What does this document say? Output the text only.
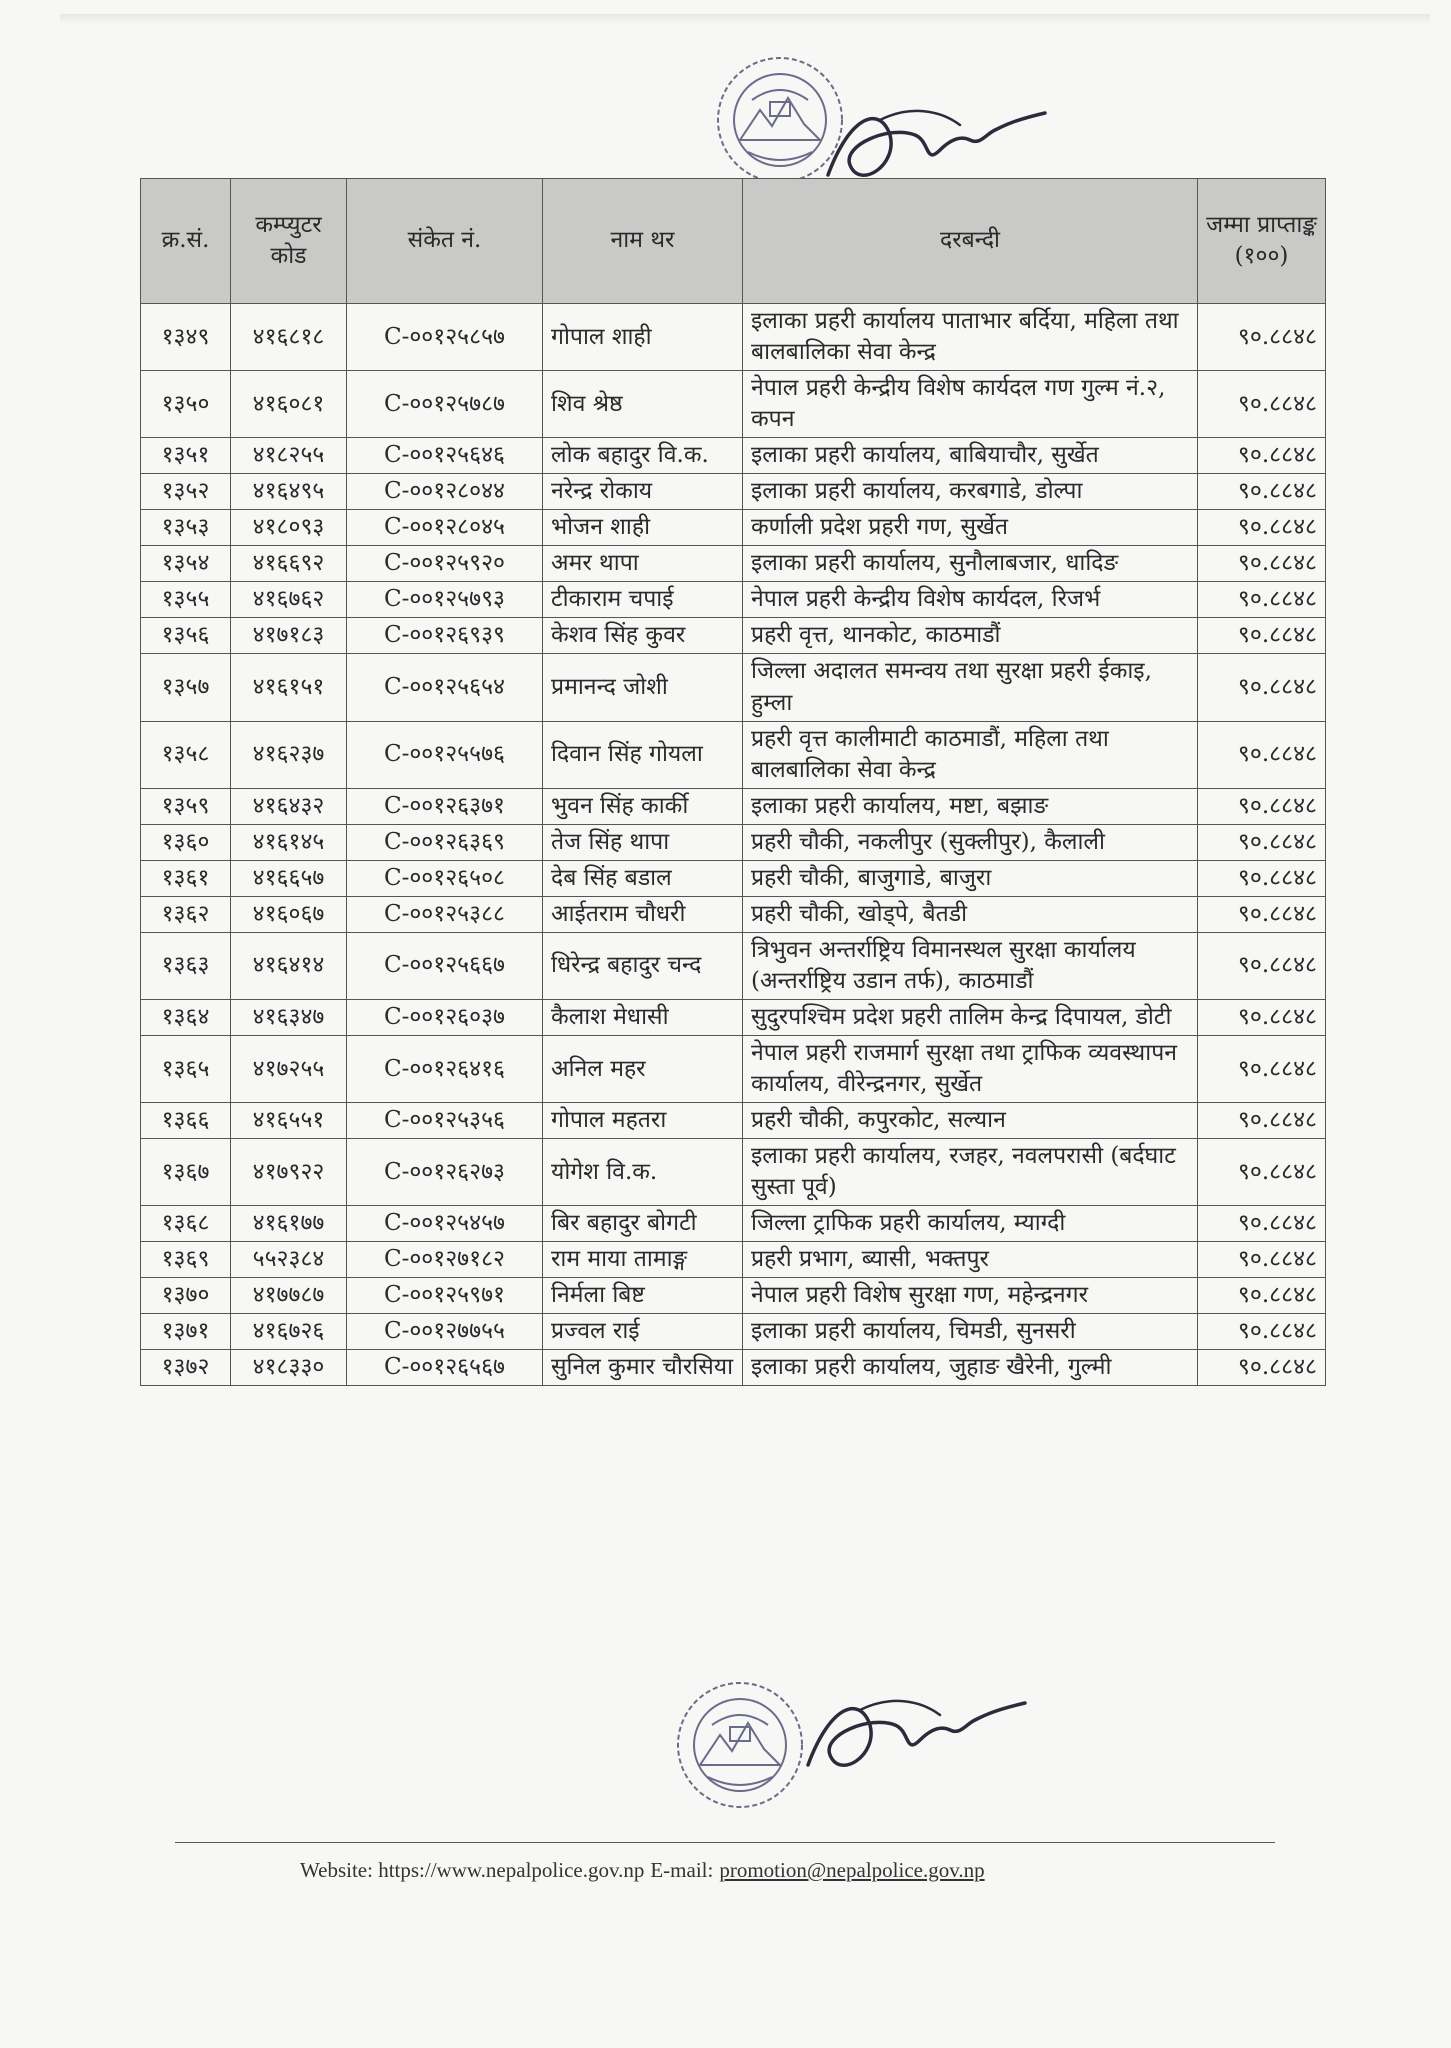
क्र.सं.	कम्प्युटर कोड	संकेत नं.	नाम थर	दरबन्दी	जम्मा प्राप्ताङ्क (१००)
१३४९	४१६८१८	C-००१२५८५७	गोपाल शाही	इलाका प्रहरी कार्यालय पाताभार बर्दिया, महिला तथा बालबालिका सेवा केन्द्र	९०.८८४८
१३५०	४१६०८१	C-००१२५७८७	शिव श्रेष्ठ	नेपाल प्रहरी केन्द्रीय विशेष कार्यदल गण गुल्म नं.२, कपन	९०.८८४८
१३५१	४१८२५५	C-००१२५६४६	लोक बहादुर वि.क.	इलाका प्रहरी कार्यालय, बाबियाचौर, सुर्खेत	९०.८८४८
१३५२	४१६४९५	C-००१२८०४४	नरेन्द्र रोकाय	इलाका प्रहरी कार्यालय, करबगाडे, डोल्पा	९०.८८४८
१३५३	४१८०९३	C-००१२८०४५	भोजन शाही	कर्णाली प्रदेश प्रहरी गण, सुर्खेत	९०.८८४८
१३५४	४१६६९२	C-००१२५९२०	अमर थापा	इलाका प्रहरी कार्यालय, सुनौलाबजार, धादिङ	९०.८८४८
१३५५	४१६७६२	C-००१२५७९३	टीकाराम चपाई	नेपाल प्रहरी केन्द्रीय विशेष कार्यदल, रिजर्भ	९०.८८४८
१३५६	४१७१८३	C-००१२६९३९	केशव सिंह कुवर	प्रहरी वृत्त, थानकोट, काठमाडौं	९०.८८४८
१३५७	४१६१५१	C-००१२५६५४	प्रमानन्द जोशी	जिल्ला अदालत समन्वय तथा सुरक्षा प्रहरी ईकाइ, हुम्ला	९०.८८४८
१३५८	४१६२३७	C-००१२५५७६	दिवान सिंह गोयला	प्रहरी वृत्त कालीमाटी काठमाडौं, महिला तथा बालबालिका सेवा केन्द्र	९०.८८४८
१३५९	४१६४३२	C-००१२६३७१	भुवन सिंह कार्की	इलाका प्रहरी कार्यालय, मष्टा, बझाङ	९०.८८४८
१३६०	४१६१४५	C-००१२६३६९	तेज सिंह थापा	प्रहरी चौकी, नकलीपुर (सुक्लीपुर), कैलाली	९०.८८४८
१३६१	४१६६५७	C-००१२६५०८	देब सिंह बडाल	प्रहरी चौकी, बाजुगाडे, बाजुरा	९०.८८४८
१३६२	४१६०६७	C-००१२५३८८	आईतराम चौधरी	प्रहरी चौकी, खोड्पे, बैतडी	९०.८८४८
१३६३	४१६४१४	C-००१२५६६७	धिरेन्द्र बहादुर चन्द	त्रिभुवन अन्तर्राष्ट्रिय विमानस्थल सुरक्षा कार्यालय (अन्तर्राष्ट्रिय उडान तर्फ), काठमाडौं	९०.८८४८
१३६४	४१६३४७	C-००१२६०३७	कैलाश मेधासी	सुदुरपश्चिम प्रदेश प्रहरी तालिम केन्द्र दिपायल, डोटी	९०.८८४८
१३६५	४१७२५५	C-००१२६४१६	अनिल महर	नेपाल प्रहरी राजमार्ग सुरक्षा तथा ट्राफिक व्यवस्थापन कार्यालय, वीरेन्द्रनगर, सुर्खेत	९०.८८४८
१३६६	४१६५५१	C-००१२५३५६	गोपाल महतरा	प्रहरी चौकी, कपुरकोट, सल्यान	९०.८८४८
१३६७	४१७९२२	C-००१२६२७३	योगेश वि.क.	इलाका प्रहरी कार्यालय, रजहर, नवलपरासी (बर्दघाट सुस्ता पूर्व)	९०.८८४८
१३६८	४१६१७७	C-००१२५४५७	बिर बहादुर बोगटी	जिल्ला ट्राफिक प्रहरी कार्यालय, म्याग्दी	९०.८८४८
१३६९	५५२३८४	C-००१२७१८२	राम माया तामाङ्ग	प्रहरी प्रभाग, ब्यासी, भक्तपुर	९०.८८४८
१३७०	४१७७८७	C-००१२५९७१	निर्मला बिष्ट	नेपाल प्रहरी विशेष सुरक्षा गण, महेन्द्रनगर	९०.८८४८
१३७१	४१६७२६	C-००१२७७५५	प्रज्वल राई	इलाका प्रहरी कार्यालय, चिमडी, सुनसरी	९०.८८४८
१३७२	४१८३३०	C-००१२६५६७	सुनिल कुमार चौरसिया	इलाका प्रहरी कार्यालय, जुहाङ खैरेनी, गुल्मी	९०.८८४८
Website: https://www.nepalpolice.gov.np E-mail: promotion@nepalpolice.gov.np
